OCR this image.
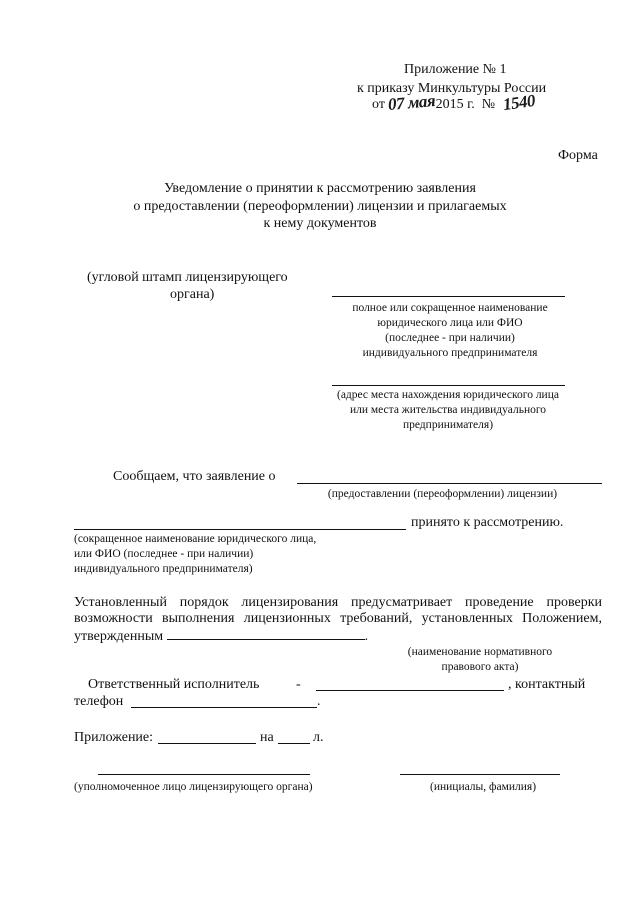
Приложение № 1
к приказу Минкультуры России
от 07 мая2015 г. № 1540
Форма
Уведомление о принятии к рассмотрению заявления
о предоставлении (переоформлении) лицензии и прилагаемых
к нему документов
(угловой штамп лицензирующего
органа)
полное или сокращенное наименование
юридического лица или ФИО
(последнее - при наличии)
индивидуального предпринимателя
(адрес места нахождения юридического лица
или места жительства индивидуального
предпринимателя)
Сообщаем, что заявление о
(предоставлении (переоформлении) лицензии)
принято к рассмотрению.
(сокращенное наименование юридического лица,
или ФИО (последнее - при наличии)
индивидуального предпринимателя)
Установленный порядок лицензирования предусматривает проведение проверки возможности выполнения лицензионных требований, установленных Положением, утвержденным	.
(наименование нормативного
правового акта)
Ответственный исполнитель	-	, контактный
телефон	.
Приложение:	на	л.
(уполномоченное лицо лицензирующего органа)	(инициалы, фамилия)
